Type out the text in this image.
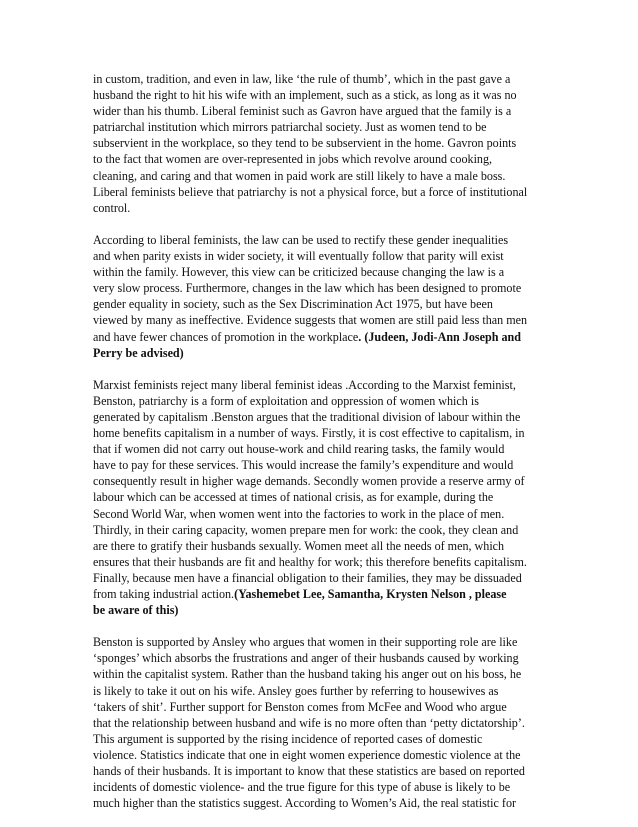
in custom, tradition, and even in law, like ‘the rule of thumb’, which in the past gave a
husband the right to hit his wife with an implement, such as a stick, as long as it was no
wider than his thumb. Liberal feminist such as Gavron have argued that the family is a
patriarchal institution which mirrors patriarchal society. Just as women tend to be
subservient in the workplace, so they tend to be subservient in the home. Gavron points
to the fact that women are over-represented in jobs which revolve around cooking,
cleaning, and caring and that women in paid work are still likely to have a male boss.
Liberal feminists believe that patriarchy is not a physical force, but a force of institutional
control.

According to liberal feminists, the law can be used to rectify these gender inequalities
and when parity exists in wider society, it will eventually follow that parity will exist
within the family. However, this view can be criticized because changing the law is a
very slow process. Furthermore, changes in the law which has been designed to promote
gender equality in society, such as the Sex Discrimination Act 1975, but have been
viewed by many as ineffective. Evidence suggests that women are still paid less than men
and have fewer chances of promotion in the workplace. (Judeen, Jodi-Ann Joseph and
Perry be advised)

Marxist feminists reject many liberal feminist ideas .According to the Marxist feminist,
Benston, patriarchy is a form of exploitation and oppression of women which is
generated by capitalism .Benston argues that the traditional division of labour within the
home benefits capitalism in a number of ways. Firstly, it is cost effective to capitalism, in
that if women did not carry out house-work and child rearing tasks, the family would
have to pay for these services. This would increase the family’s expenditure and would
consequently result in higher wage demands. Secondly women provide a reserve army of
labour which can be accessed at times of national crisis, as for example, during the
Second World War, when women went into the factories to work in the place of men.
Thirdly, in their caring capacity, women prepare men for work: the cook, they clean and
are there to gratify their husbands sexually. Women meet all the needs of men, which
ensures that their husbands are fit and healthy for work; this therefore benefits capitalism.
Finally, because men have a financial obligation to their families, they may be dissuaded
from taking industrial action.(Yashemebet Lee, Samantha, Krysten Nelson , please
be aware of this)

Benston is supported by Ansley who argues that women in their supporting role are like
‘sponges’ which absorbs the frustrations and anger of their husbands caused by working
within the capitalist system. Rather than the husband taking his anger out on his boss, he
is likely to take it out on his wife. Ansley goes further by referring to housewives as
‘takers of shit’. Further support for Benston comes from McFee and Wood who argue
that the relationship between husband and wife is no more often than ‘petty dictatorship’.
This argument is supported by the rising incidence of reported cases of domestic
violence. Statistics indicate that one in eight women experience domestic violence at the
hands of their husbands. It is important to know that these statistics are based on reported
incidents of domestic violence- and the true figure for this type of abuse is likely to be
much higher than the statistics suggest. According to Women’s Aid, the real statistic for
